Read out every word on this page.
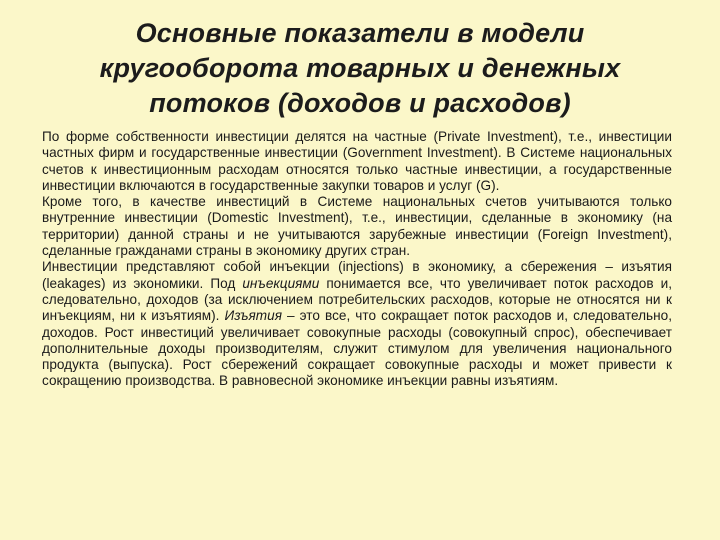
Основные показатели в модели
кругооборота товарных и денежных
потоков (доходов и расходов)

По форме собственности инвестиции делятся на частные (Private Investment), т.е., инвестиции частных фирм и государственные инвестиции (Government Investment). В Системе национальных счетов к инвестиционным расходам относятся только частные инвестиции, а государственные инвестиции включаются в государственные закупки товаров и услуг (G).

Кроме того, в качестве инвестиций в Системе национальных счетов учитываются только внутренние инвестиции (Domestic Investment), т.е., инвестиции, сделанные в экономику (на территории) данной страны и не учитываются зарубежные инвестиции (Foreign Investment), сделанные гражданами страны в экономику других стран.

Инвестиции представляют собой инъекции (injections) в экономику, а сбережения – изъятия (leakages) из экономики. Под инъекциями понимается все, что увеличивает поток расходов и, следовательно, доходов (за исключением потребительских расходов, которые не относятся ни к инъекциям, ни к изъятиям). Изъятия – это все, что сокращает поток расходов и, следовательно, доходов. Рост инвестиций увеличивает совокупные расходы (совокупный спрос), обеспечивает дополнительные доходы производителям, служит стимулом для увеличения национального продукта (выпуска). Рост сбережений сокращает совокупные расходы и может привести к сокращению производства. В равновесной экономике инъекции равны изъятиям.
